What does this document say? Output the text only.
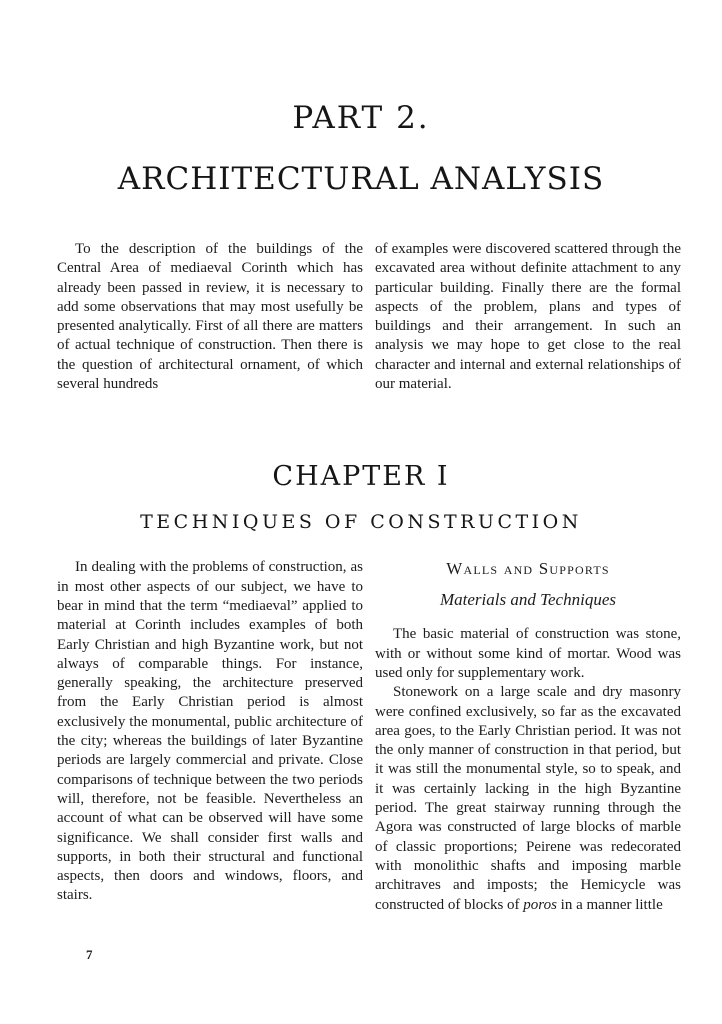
PART 2.
ARCHITECTURAL ANALYSIS

To the description of the buildings of the Central Area of mediaeval Corinth which has already been passed in review, it is necessary to add some observations that may most usefully be presented analytically. First of all there are matters of actual technique of construction. Then there is the question of architectural ornament, of which several hundreds

of examples were discovered scattered through the excavated area without definite attachment to any particular building. Finally there are the formal aspects of the problem, plans and types of buildings and their arrangement. In such an analysis we may hope to get close to the real character and internal and external relationships of our material.

CHAPTER I
TECHNIQUES OF CONSTRUCTION

In dealing with the problems of construction, as in most other aspects of our subject, we have to bear in mind that the term “mediaeval” applied to material at Corinth includes examples of both Early Christian and high Byzantine work, but not always of comparable things. For instance, generally speaking, the architecture preserved from the Early Christian period is almost exclusively the monumental, public architecture of the city; whereas the buildings of later Byzantine periods are largely commercial and private. Close comparisons of technique between the two periods will, therefore, not be feasible. Nevertheless an account of what can be observed will have some significance. We shall consider first walls and supports, in both their structural and functional aspects, then doors and windows, floors, and stairs.

Walls and Supports
Materials and Techniques

The basic material of construction was stone, with or without some kind of mortar. Wood was used only for supplementary work.

Stonework on a large scale and dry masonry were confined exclusively, so far as the excavated area goes, to the Early Christian period. It was not the only manner of construction in that period, but it was still the monumental style, so to speak, and it was certainly lacking in the high Byzantine period. The great stairway running through the Agora was constructed of large blocks of marble of classic proportions; Peirene was redecorated with monolithic shafts and imposing marble architraves and imposts; the Hemicycle was constructed of blocks of poros in a manner little

7
